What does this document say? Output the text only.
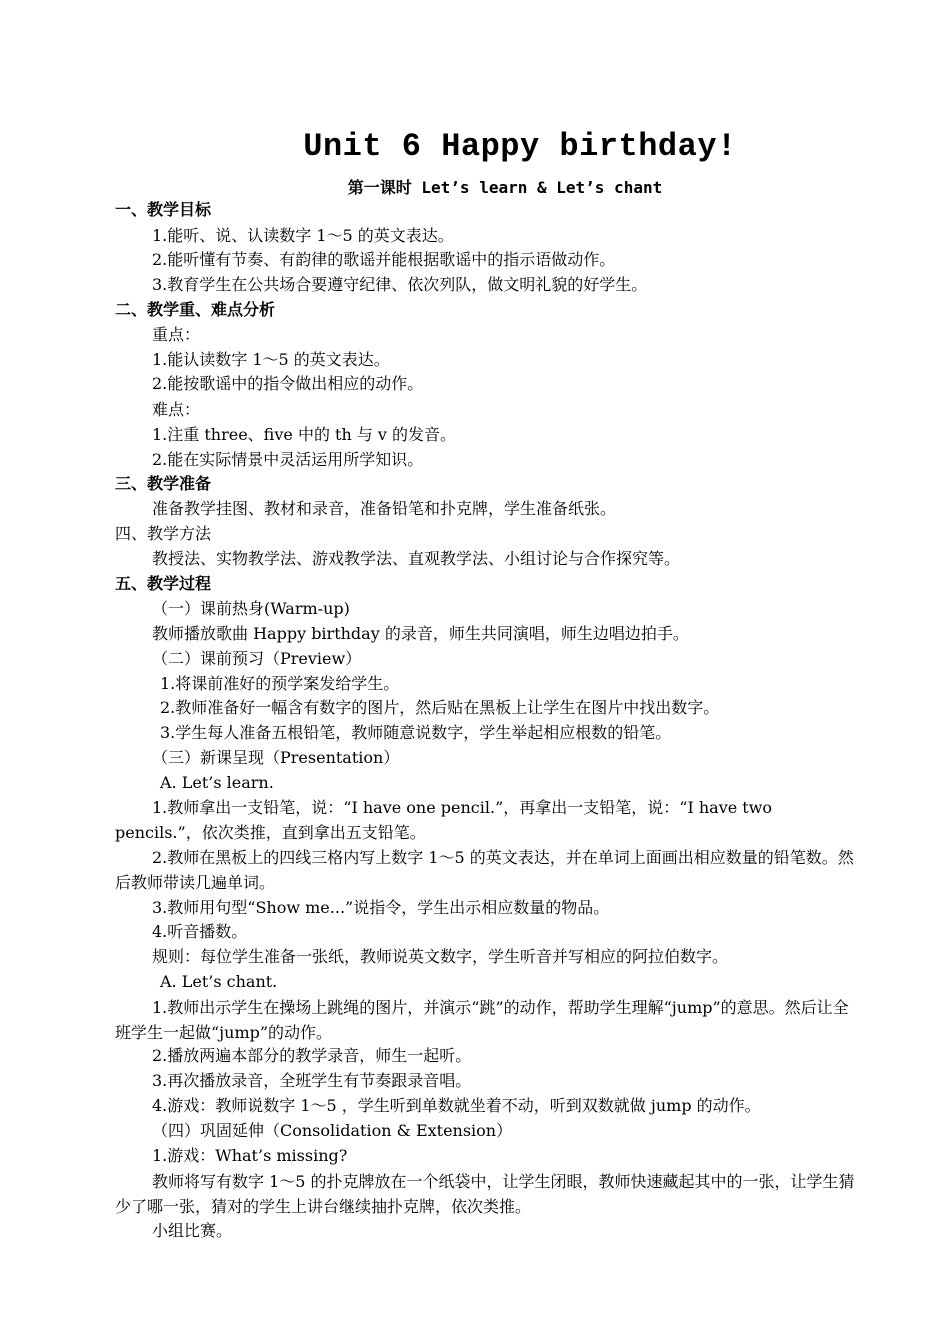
Unit 6 Happy birthday!
第一课时 Let’s learn & Let’s chant
一、教学目标
1.能听、说、认读数字 1～5 的英文表达。
2.能听懂有节奏、有韵律的歌谣并能根据歌谣中的指示语做动作。
3.教育学生在公共场合要遵守纪律、依次列队，做文明礼貌的好学生。
二、教学重、难点分析
重点：
1.能认读数字 1～5 的英文表达。
2.能按歌谣中的指令做出相应的动作。
难点：
1.注重 three、five 中的 th 与 v 的发音。
2.能在实际情景中灵活运用所学知识。
三、教学准备
准备教学挂图、教材和录音，准备铅笔和扑克牌，学生准备纸张。
四、教学方法
教授法、实物教学法、游戏教学法、直观教学法、小组讨论与合作探究等。
五、教学过程
（一）课前热身(Warm-up)
教师播放歌曲 Happy birthday 的录音，师生共同演唱，师生边唱边拍手。
（二）课前预习（Preview）
1.将课前准好的预学案发给学生。
2.教师准备好一幅含有数字的图片，然后贴在黑板上让学生在图片中找出数字。
3.学生每人准备五根铅笔，教师随意说数字，学生举起相应根数的铅笔。
（三）新课呈现（Presentation）
A. Let’s learn.
1.教师拿出一支铅笔，说：“I have one pencil.”，再拿出一支铅笔，说：“I have two pencils.”，依次类推，直到拿出五支铅笔。
2.教师在黑板上的四线三格内写上数字 1～5 的英文表达，并在单词上面画出相应数量的铅笔数。然后教师带读几遍单词。
3.教师用句型“Show me...”说指令，学生出示相应数量的物品。
4.听音播数。
规则：每位学生准备一张纸，教师说英文数字，学生听音并写相应的阿拉伯数字。
A. Let’s chant.
1.教师出示学生在操场上跳绳的图片，并演示“跳”的动作，帮助学生理解“jump”的意思。然后让全班学生一起做“jump”的动作。
2.播放两遍本部分的教学录音，师生一起听。
3.再次播放录音，全班学生有节奏跟录音唱。
4.游戏：教师说数字 1～5 ，学生听到单数就坐着不动，听到双数就做 jump 的动作。
（四）巩固延伸（Consolidation & Extension）
1.游戏：What’s missing?
教师将写有数字 1～5 的扑克牌放在一个纸袋中，让学生闭眼，教师快速藏起其中的一张，让学生猜少了哪一张，猜对的学生上讲台继续抽扑克牌，依次类推。
小组比赛。
